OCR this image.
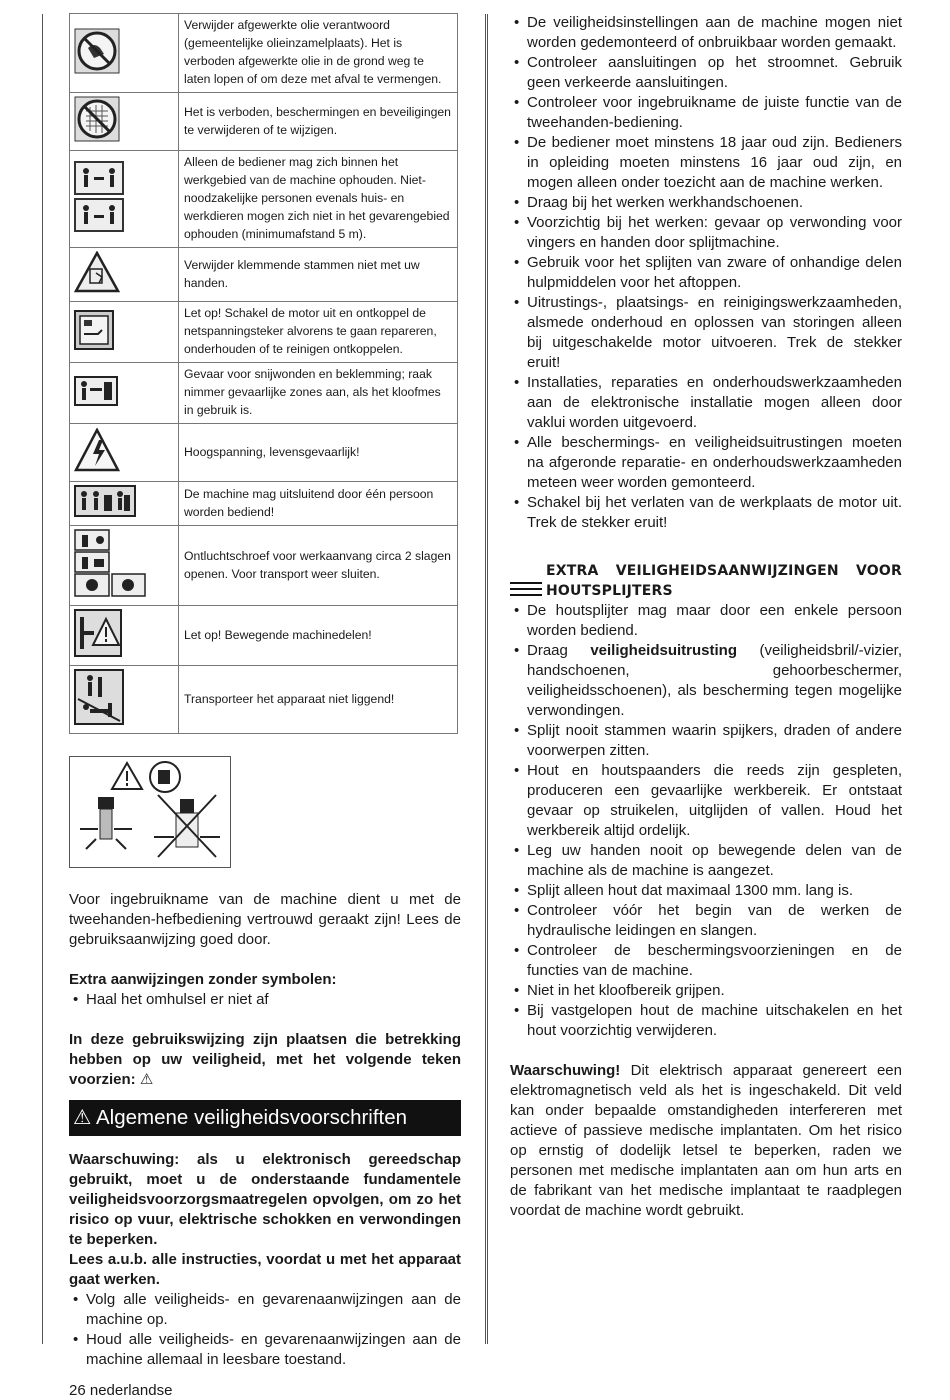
	Verwijder afgewerkte olie verantwoord (gemeentelijke olieinzamelplaats). Het is verboden afgewerkte olie in de grond weg te laten lopen of om deze met afval te vermengen.
	Het is verboden, beschermingen en beveiligingen te verwijderen of te wijzigen.
	Alleen de bediener mag zich binnen het werkgebied van de machine ophouden. Niet-noodzakelijke personen evenals huis- en werkdieren mogen zich niet in het gevarengebied ophouden (minimumafstand 5 m).
	Verwijder klemmende stammen niet met uw handen.
	Let op! Schakel de motor uit en ontkoppel de netspanningsteker alvorens te gaan repareren, onderhouden of te reinigen ontkoppelen.
	Gevaar voor snijwonden en beklemming; raak nimmer gevaarlijke zones aan, als het kloofmes in gebruik is.
	Hoogspanning, levensgevaarlijk!
	De machine mag uitsluitend door één persoon worden bediend!
	Ontluchtschroef voor werkaanvang circa 2 slagen openen. Voor transport weer sluiten.
	Let op! Bewegende machinedelen!
	Transporteer het apparaat niet liggend!

Voor ingebruikname van de machine dient u met de tweehanden-hefbediening vertrouwd geraakt zijn! Lees de gebruiksaanwijzing goed door.

Extra aanwijzingen zonder symbolen:

• Haal het omhulsel er niet af

In deze gebruikswijzing zijn plaatsen die betrekking hebben op uw veiligheid, met het volgende teken voorzien: ⚠

⚠ Algemene veiligheidsvoorschriften

Waarschuwing: als u elektronisch gereedschap gebruikt, moet u de onderstaande fundamentele veiligheidsvoorzorgsmaatregelen opvolgen, om zo het risico op vuur, elektrische schokken en verwondingen te beperken.

Lees a.u.b. alle instructies, voordat u met het apparaat gaat werken.

• Volg alle veiligheids- en gevarenaanwijzingen aan de machine op.
• Houd alle veiligheids- en gevarenaanwijzingen aan de machine allemaal in leesbare toestand.
• De veiligheidsinstellingen aan de machine mogen niet worden gedemonteerd of onbruikbaar worden gemaakt.
• Controleer aansluitingen op het stroomnet. Gebruik geen verkeerde aansluitingen.
• Controleer voor ingebruikname de juiste functie van de tweehanden-bediening.
• De bediener moet minstens 18 jaar oud zijn. Bedieners in opleiding moeten minstens 16 jaar oud zijn, en mogen alleen onder toezicht aan de machine werken.
• Draag bij het werken werkhandschoenen.
• Voorzichtig bij het werken: gevaar op verwonding voor vingers en handen door splijtmachine.
• Gebruik voor het splijten van zware of onhandige delen hulpmiddelen voor het aftoppen.
• Uitrustings-, plaatsings- en reinigingswerkzaamheden, alsmede onderhoud en oplossen van storingen alleen bij uitgeschakelde motor uitvoeren. Trek de stekker eruit!
• Installaties, reparaties en onderhoudswerkzaamheden aan de elektronische installatie mogen alleen door vaklui worden uitgevoerd.
• Alle beschermings- en veiligheidsuitrustingen moeten na afgeronde reparatie- en onderhoudswerkzaamheden meteen weer worden gemonteerd.
• Schakel bij het verlaten van de werkplaats de motor uit. Trek de stekker eruit!
EXTRA VEILIGHEIDSAANWIJZINGEN VOOR
HOUTSPLIJTERS
• De houtsplijter mag maar door een enkele persoon worden bediend.
• Draag veiligheidsuitrusting (veiligheidsbril/-vizier, handschoenen, gehoorbeschermer, veiligheidsschoenen), als bescherming tegen mogelijke verwondingen.
• Splijt nooit stammen waarin spijkers, draden of andere voorwerpen zitten.
• Hout en houtspaanders die reeds zijn gespleten, produceren een gevaarlijke werkbereik. Er ontstaat gevaar op struikelen, uitglijden of vallen. Houd het werkbereik altijd ordelijk.
• Leg uw handen nooit op bewegende delen van de machine als de machine is aangezet.
• Splijt alleen hout dat maximaal 1300 mm. lang is.
• Controleer vóór het begin van de werken de hydraulische leidingen en slangen.
• Controleer de beschermingsvoorzieningen en de functies van de machine.
• Niet in het kloofbereik grijpen.
• Bij vastgelopen hout de machine uitschakelen en het hout voorzichtig verwijderen.

Waarschuwing! Dit elektrisch apparaat genereert een elektromagnetisch veld als het is ingeschakeld. Dit veld kan onder bepaalde omstandigheden interfereren met actieve of passieve medische implantaten. Om het risico op ernstig of dodelijk letsel te beperken, raden we personen met medische implantaten aan om hun arts en de fabrikant van het medische implantaat te raadplegen voordat de machine wordt gebruikt.

26 nederlandse
